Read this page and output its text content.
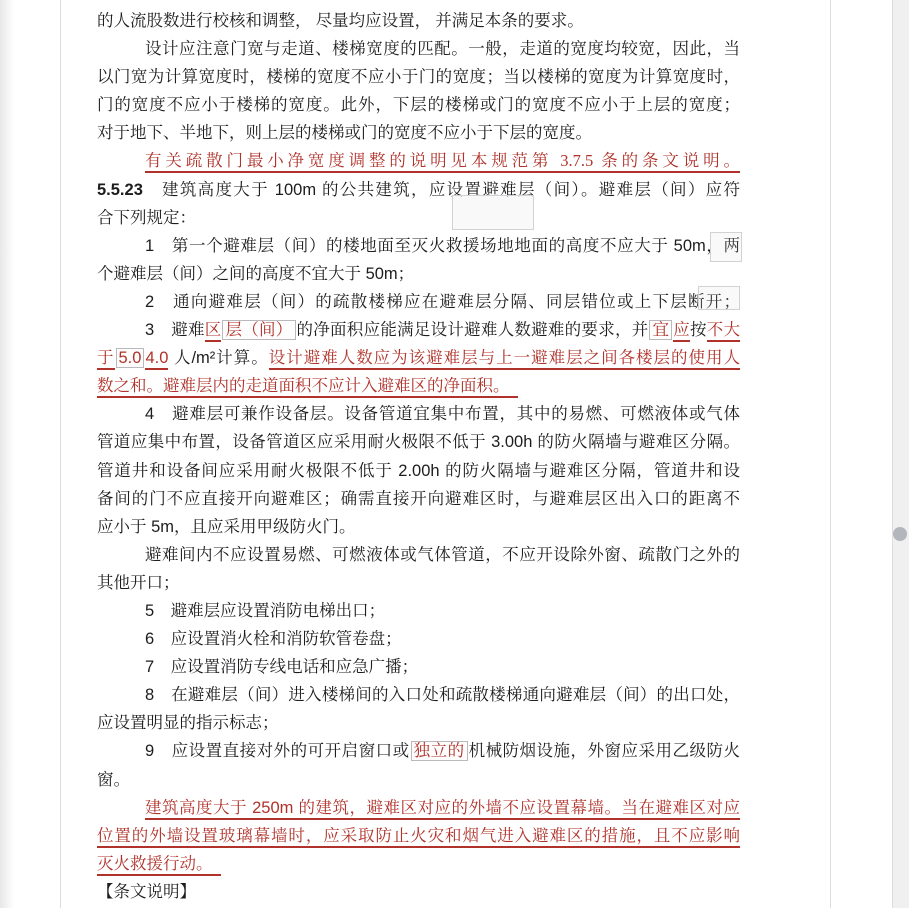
的人流股数进行校核和调整， 尽量均应设置， 并满足本条的要求。
设计应注意门宽与走道、楼梯宽度的匹配。一般，走道的宽度均较宽，因此，当
以门宽为计算宽度时，楼梯的宽度不应小于门的宽度；当以楼梯的宽度为计算宽度时，
门的宽度不应小于楼梯的宽度。此外，下层的楼梯或门的宽度不应小于上层的宽度；
对于地下、半地下，则上层的楼梯或门的宽度不应小于下层的宽度。
有关疏散门最小净宽度调整的说明见本规范第 3.7.5 条的条文说明。
5.5.23　建筑高度大于 100m 的公共建筑，应设置避难层（间）。避难层（间）应符
合下列规定：
1　第一个避难层（间）的楼地面至灭火救援场地地面的高度不应大于 50m，两
个避难层（间）之间的高度不宜大于 50m；
2　通向避难层（间）的疏散楼梯应在避难层分隔、同层错位或上下层断开；
3　避难区 层（间） 的净面积应能满足设计避难人数避难的要求，并 宜 应按不大
于 5.0 4.0 人/m²计算。设计避难人数应为该避难层与上一避难层之间各楼层的使用人
数之和。避难层内的走道面积不应计入避难区的净面积。　
4　避难层可兼作设备层。设备管道宜集中布置，其中的易燃、可燃液体或气体
管道应集中布置，设备管道区应采用耐火极限不低于 3.00h 的防火隔墙与避难区分隔。
管道井和设备间应采用耐火极限不低于 2.00h 的防火隔墙与避难区分隔，管道井和设
备间的门不应直接开向避难区；确需直接开向避难区时，与避难层区出入口的距离不
应小于 5m，且应采用甲级防火门。
避难间内不应设置易燃、可燃液体或气体管道，不应开设除外窗、疏散门之外的
其他开口；
5　避难层应设置消防电梯出口；
6　应设置消火栓和消防软管卷盘；
7　应设置消防专线电话和应急广播；
8　在避难层（间）进入楼梯间的入口处和疏散楼梯通向避难层（间）的出口处，
应设置明显的指示标志；
9　应设置直接对外的可开启窗口或 独立的 机械防烟设施，外窗应采用乙级防火
窗。
建筑高度大于 250m 的建筑，避难区对应的外墙不应设置幕墙。当在避难区对应
位置的外墙设置玻璃幕墙时，应采取防止火灾和烟气进入避难区的措施，且不应影响
灭火救援行动。　
【条文说明】
